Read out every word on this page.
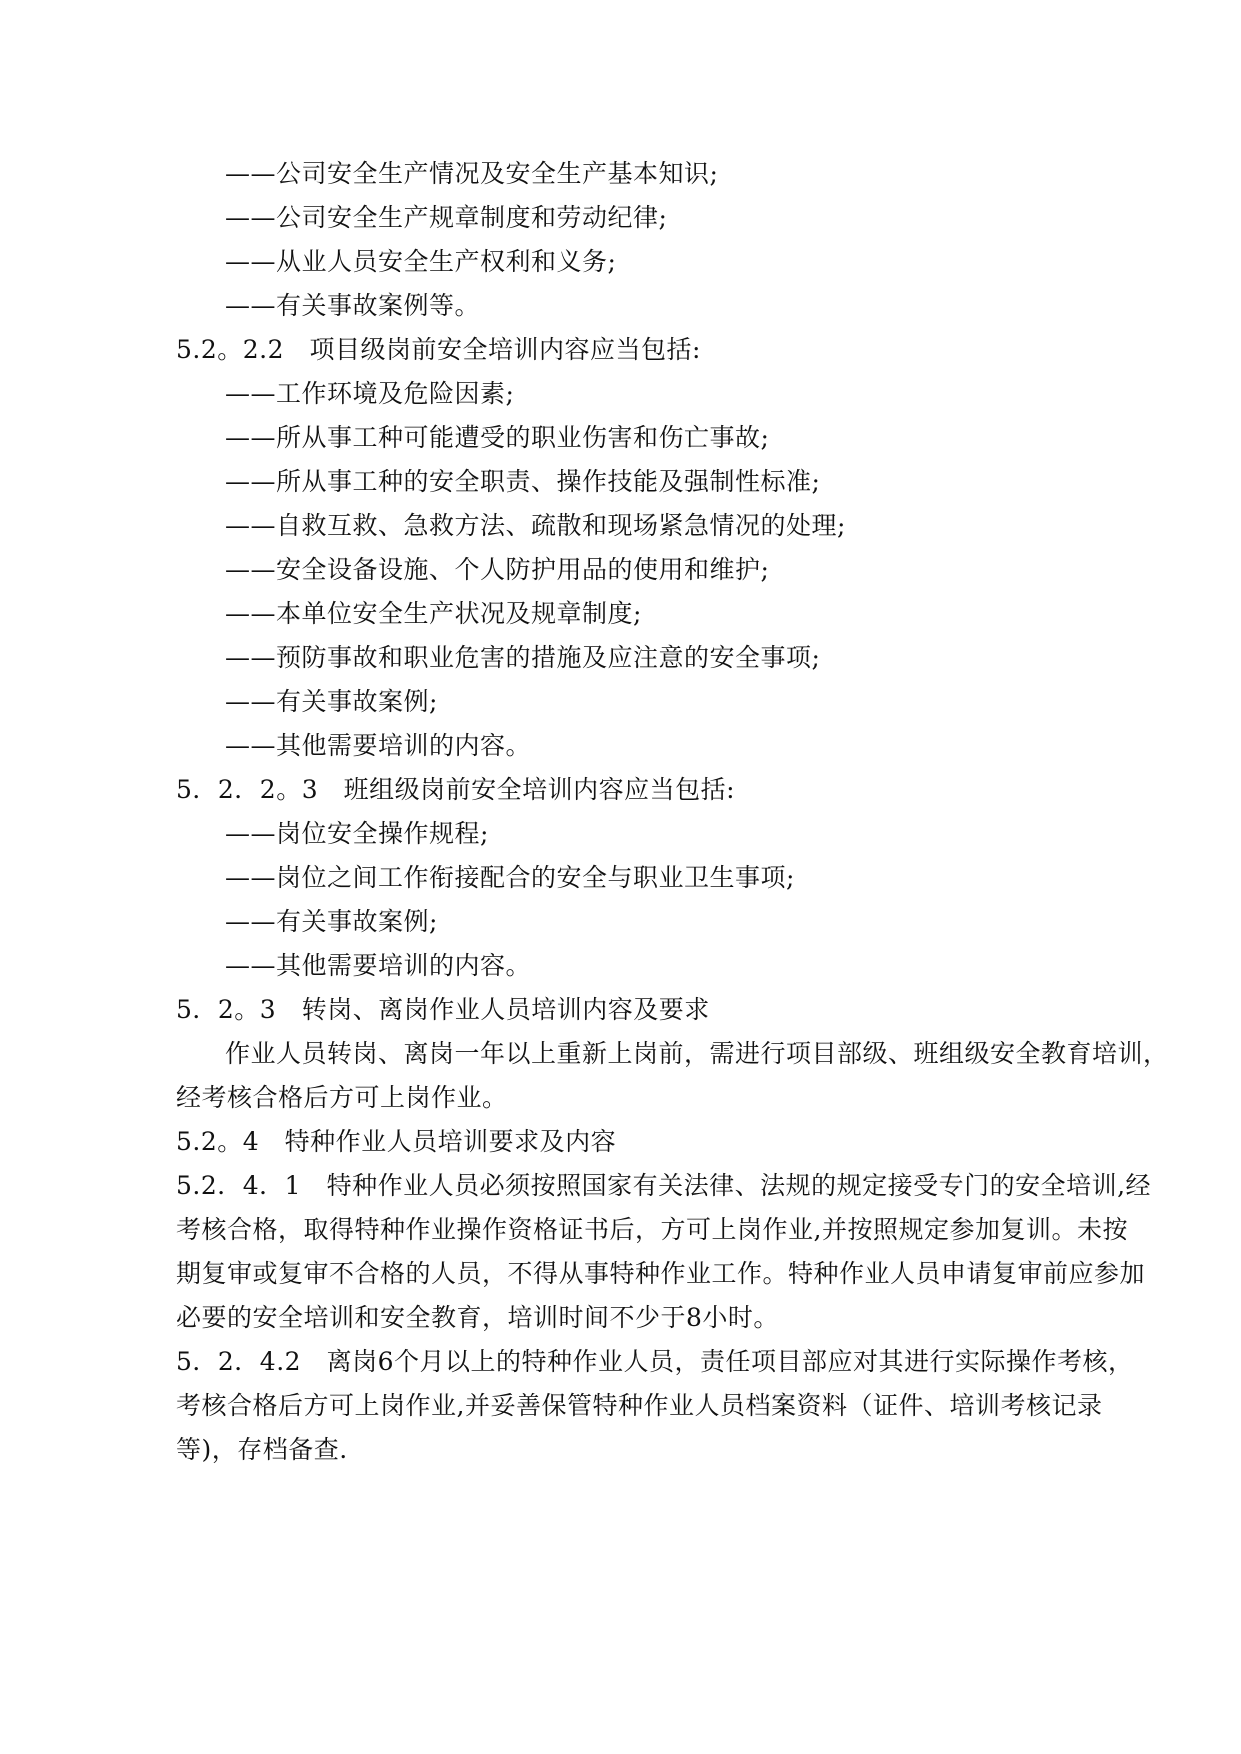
——公司安全生产情况及安全生产基本知识;
——公司安全生产规章制度和劳动纪律;
——从业人员安全生产权利和义务;
——有关事故案例等。
5.2。2.2　项目级岗前安全培训内容应当包括:
——工作环境及危险因素;
——所从事工种可能遭受的职业伤害和伤亡事故;
——所从事工种的安全职责、操作技能及强制性标准;
——自救互救、急救方法、疏散和现场紧急情况的处理;
——安全设备设施、个人防护用品的使用和维护;
——本单位安全生产状况及规章制度;
——预防事故和职业危害的措施及应注意的安全事项;
——有关事故案例;
——其他需要培训的内容。
5．2．2。3　班组级岗前安全培训内容应当包括:
——岗位安全操作规程;
——岗位之间工作衔接配合的安全与职业卫生事项;
——有关事故案例;
——其他需要培训的内容。
5．2。3　转岗、离岗作业人员培训内容及要求
作业人员转岗、离岗一年以上重新上岗前，需进行项目部级、班组级安全教育培训，
经考核合格后方可上岗作业。
5.2。4　特种作业人员培训要求及内容
5.2．4．1　特种作业人员必须按照国家有关法律、法规的规定接受专门的安全培训,经
考核合格，取得特种作业操作资格证书后，方可上岗作业,并按照规定参加复训。未按
期复审或复审不合格的人员，不得从事特种作业工作。特种作业人员申请复审前应参加
必要的安全培训和安全教育，培训时间不少于8小时。
5．2．4.2　离岗6个月以上的特种作业人员，责任项目部应对其进行实际操作考核，
考核合格后方可上岗作业,并妥善保管特种作业人员档案资料（证件、培训考核记录
等)，存档备查.
